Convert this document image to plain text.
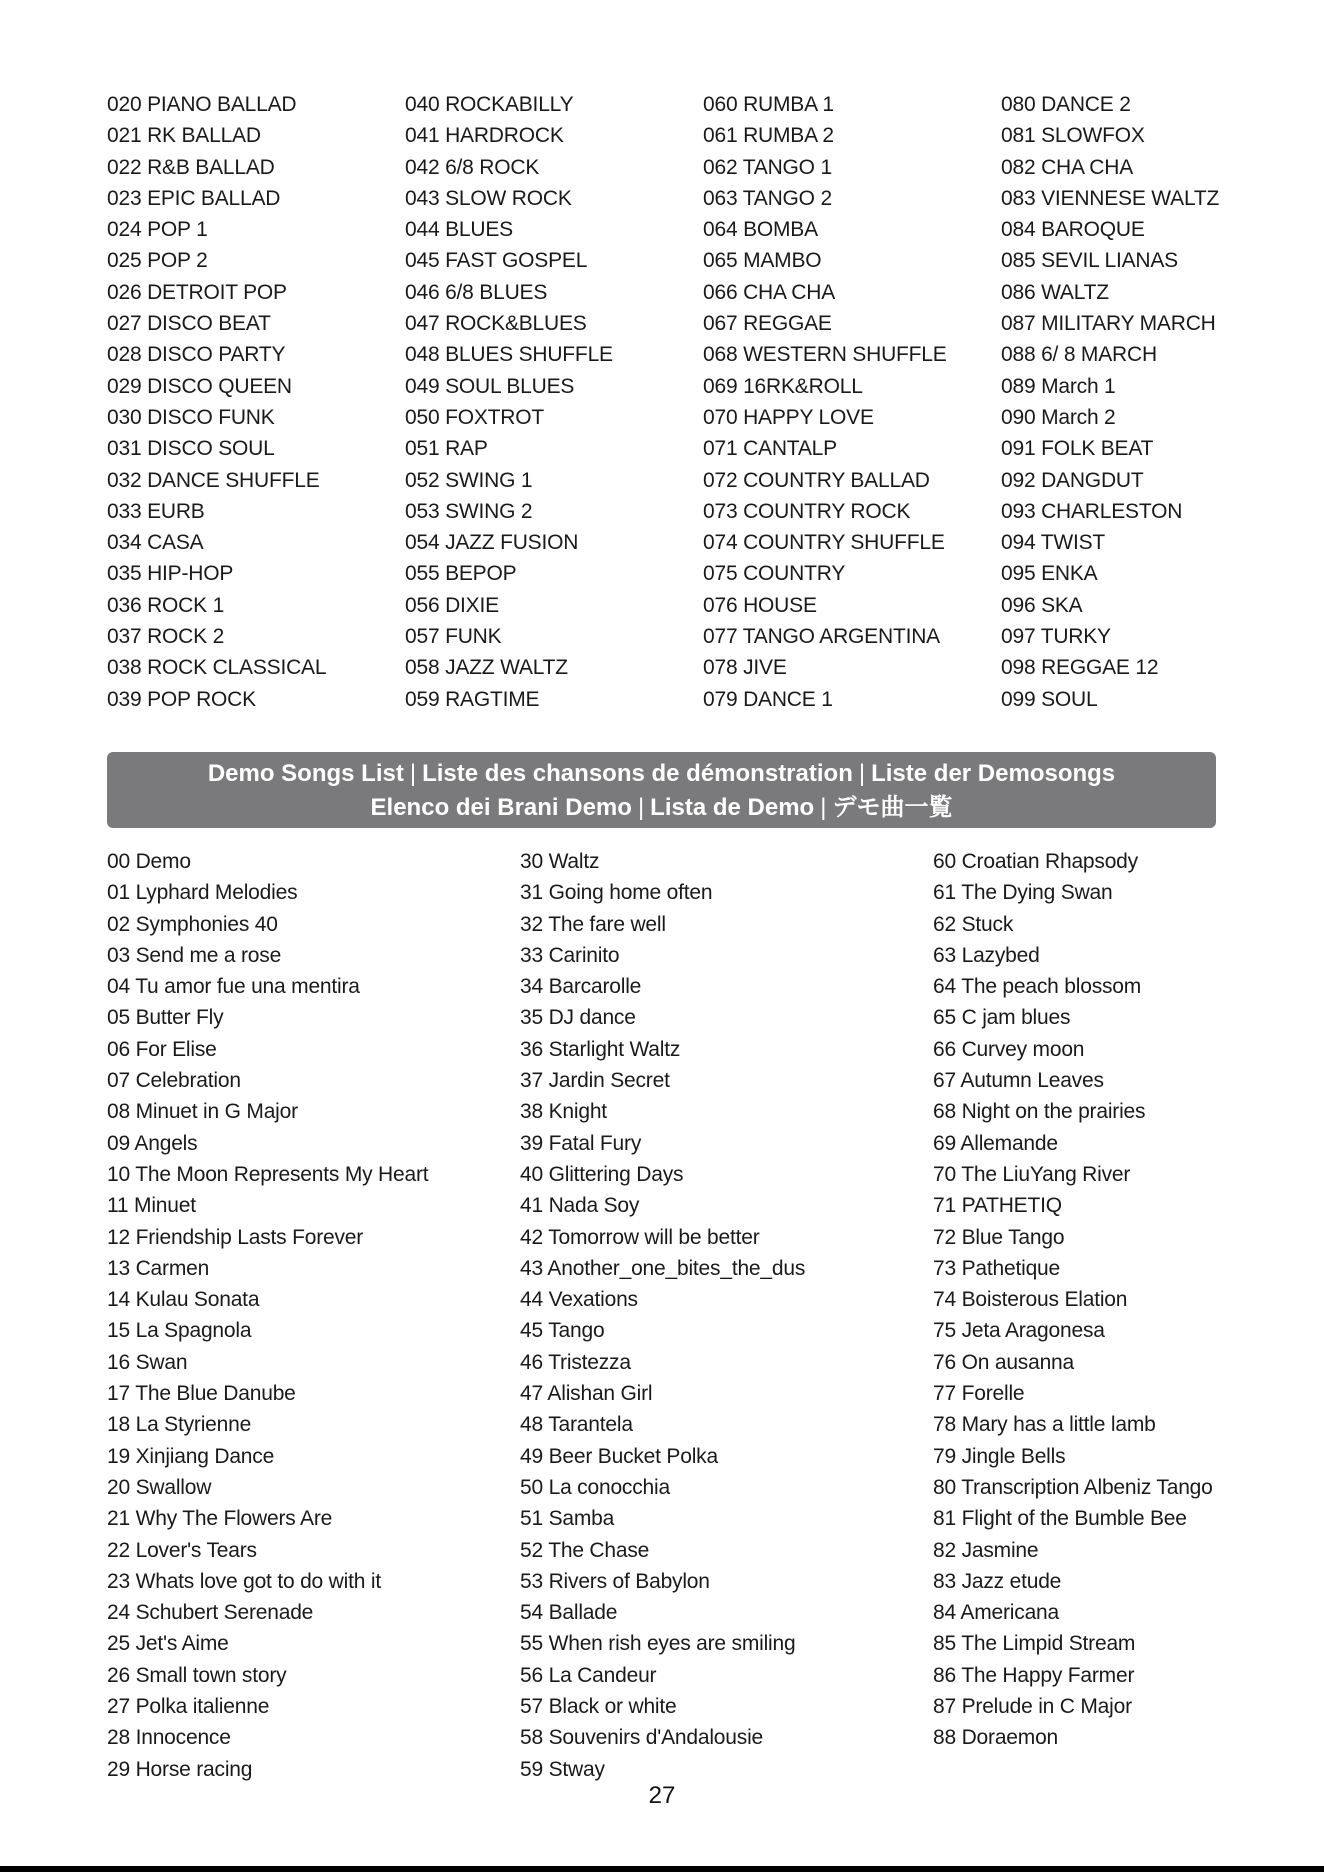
020 PIANO BALLAD
021 RK BALLAD
022 R&B BALLAD
023 EPIC BALLAD
024 POP 1
025 POP 2
026 DETROIT POP
027 DISCO BEAT
028 DISCO PARTY
029 DISCO QUEEN
030 DISCO FUNK
031 DISCO SOUL
032 DANCE SHUFFLE
033 EURB
034 CASA
035 HIP-HOP
036 ROCK 1
037 ROCK 2
038 ROCK CLASSICAL
039 POP ROCK
040 ROCKABILLY
041 HARDROCK
042 6/8 ROCK
043 SLOW ROCK
044 BLUES
045 FAST GOSPEL
046 6/8 BLUES
047 ROCK&BLUES
048 BLUES SHUFFLE
049 SOUL BLUES
050 FOXTROT
051 RAP
052 SWING 1
053 SWING 2
054 JAZZ FUSION
055 BEPOP
056 DIXIE
057 FUNK
058 JAZZ WALTZ
059 RAGTIME
060 RUMBA 1
061 RUMBA 2
062 TANGO 1
063 TANGO 2
064 BOMBA
065 MAMBO
066 CHA CHA
067 REGGAE
068 WESTERN SHUFFLE
069 16RK&ROLL
070 HAPPY LOVE
071 CANTALP
072 COUNTRY BALLAD
073 COUNTRY ROCK
074 COUNTRY SHUFFLE
075 COUNTRY
076 HOUSE
077 TANGO ARGENTINA
078 JIVE
079 DANCE 1
080 DANCE 2
081 SLOWFOX
082 CHA CHA
083 VIENNESE WALTZ
084 BAROQUE
085 SEVIL LIANAS
086 WALTZ
087 MILITARY MARCH
088 6/ 8 MARCH
089 March 1
090 March 2
091 FOLK BEAT
092 DANGDUT
093 CHARLESTON
094 TWIST
095 ENKA
096 SKA
097 TURKY
098 REGGAE 12
099 SOUL
Demo Songs List | Liste des chansons de démonstration | Liste der Demosongs
Elenco dei Brani Demo | Lista de Demo | デモ曲一覧
00 Demo
01 Lyphard Melodies
02 Symphonies 40
03 Send me a rose
04 Tu amor fue una mentira
05 Butter Fly
06 For Elise
07 Celebration
08 Minuet in G Major
09 Angels
10 The Moon Represents My Heart
11 Minuet
12 Friendship Lasts Forever
13 Carmen
14 Kulau Sonata
15 La Spagnola
16 Swan
17 The Blue Danube
18 La Styrienne
19 Xinjiang Dance
20 Swallow
21 Why The Flowers Are
22 Lover's Tears
23 Whats love got to do with it
24 Schubert Serenade
25 Jet's Aime
26 Small town story
27 Polka italienne
28 Innocence
29 Horse racing
30 Waltz
31 Going home often
32 The fare well
33 Carinito
34 Barcarolle
35 DJ dance
36 Starlight Waltz
37 Jardin Secret
38 Knight
39 Fatal Fury
40 Glittering Days
41 Nada Soy
42 Tomorrow will be better
43 Another_one_bites_the_dus
44 Vexations
45 Tango
46 Tristezza
47 Alishan Girl
48 Tarantela
49 Beer Bucket Polka
50 La conocchia
51 Samba
52 The Chase
53 Rivers of Babylon
54 Ballade
55 When rish eyes are smiling
56 La Candeur
57 Black or white
58 Souvenirs d'Andalousie
59 Stway
60 Croatian Rhapsody
61 The Dying Swan
62 Stuck
63 Lazybed
64 The peach blossom
65 C jam blues
66 Curvey moon
67 Autumn Leaves
68 Night on the prairies
69 Allemande
70 The LiuYang River
71 PATHETIQ
72 Blue Tango
73 Pathetique
74 Boisterous Elation
75 Jeta Aragonesa
76 On ausanna
77 Forelle
78 Mary has a little lamb
79 Jingle Bells
80 Transcription Albeniz Tango
81 Flight of the Bumble Bee
82 Jasmine
83 Jazz etude
84 Americana
85 The Limpid Stream
86 The Happy Farmer
87 Prelude in C Major
88 Doraemon
27
